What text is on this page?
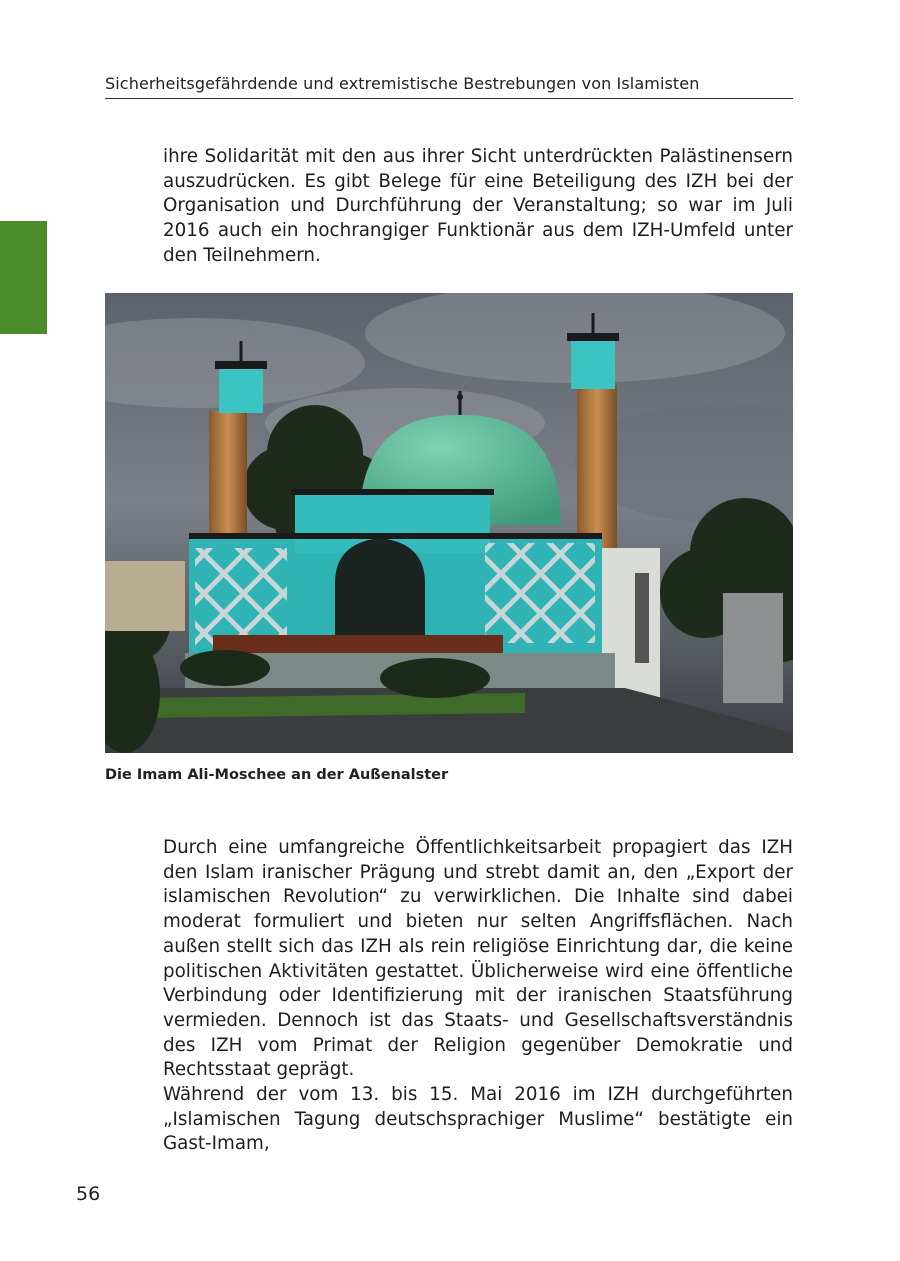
Sicherheitsgefährdende und extremistische Bestrebungen von Islamisten

ihre Solidarität mit den aus ihrer Sicht unterdrückten Palästinensern auszudrücken. Es gibt Belege für eine Beteiligung des IZH bei der Organisation und Durchführung der Veranstaltung; so war im Juli 2016 auch ein hochrangiger Funktionär aus dem IZH-Umfeld unter den Teilnehmern.

Die Imam Ali-Moschee an der Außenalster

Durch eine umfangreiche Öffentlichkeitsarbeit propagiert das IZH den Islam iranischer Prägung und strebt damit an, den „Export der islamischen Revolution“ zu verwirklichen. Die Inhalte sind dabei moderat formuliert und bieten nur selten Angriffsflächen. Nach außen stellt sich das IZH als rein religiöse Einrichtung dar, die keine politischen Aktivitäten gestattet. Üblicherweise wird eine öffentliche Verbindung oder Identifizierung mit der iranischen Staatsführung vermieden. Dennoch ist das Staats- und Gesellschaftsverständnis des IZH vom Primat der Religion gegenüber Demokratie und Rechtsstaat geprägt.

Während der vom 13. bis 15. Mai 2016 im IZH durchgeführten „Islamischen Tagung deutschsprachiger Muslime“ bestätigte ein Gast-Imam,

56
